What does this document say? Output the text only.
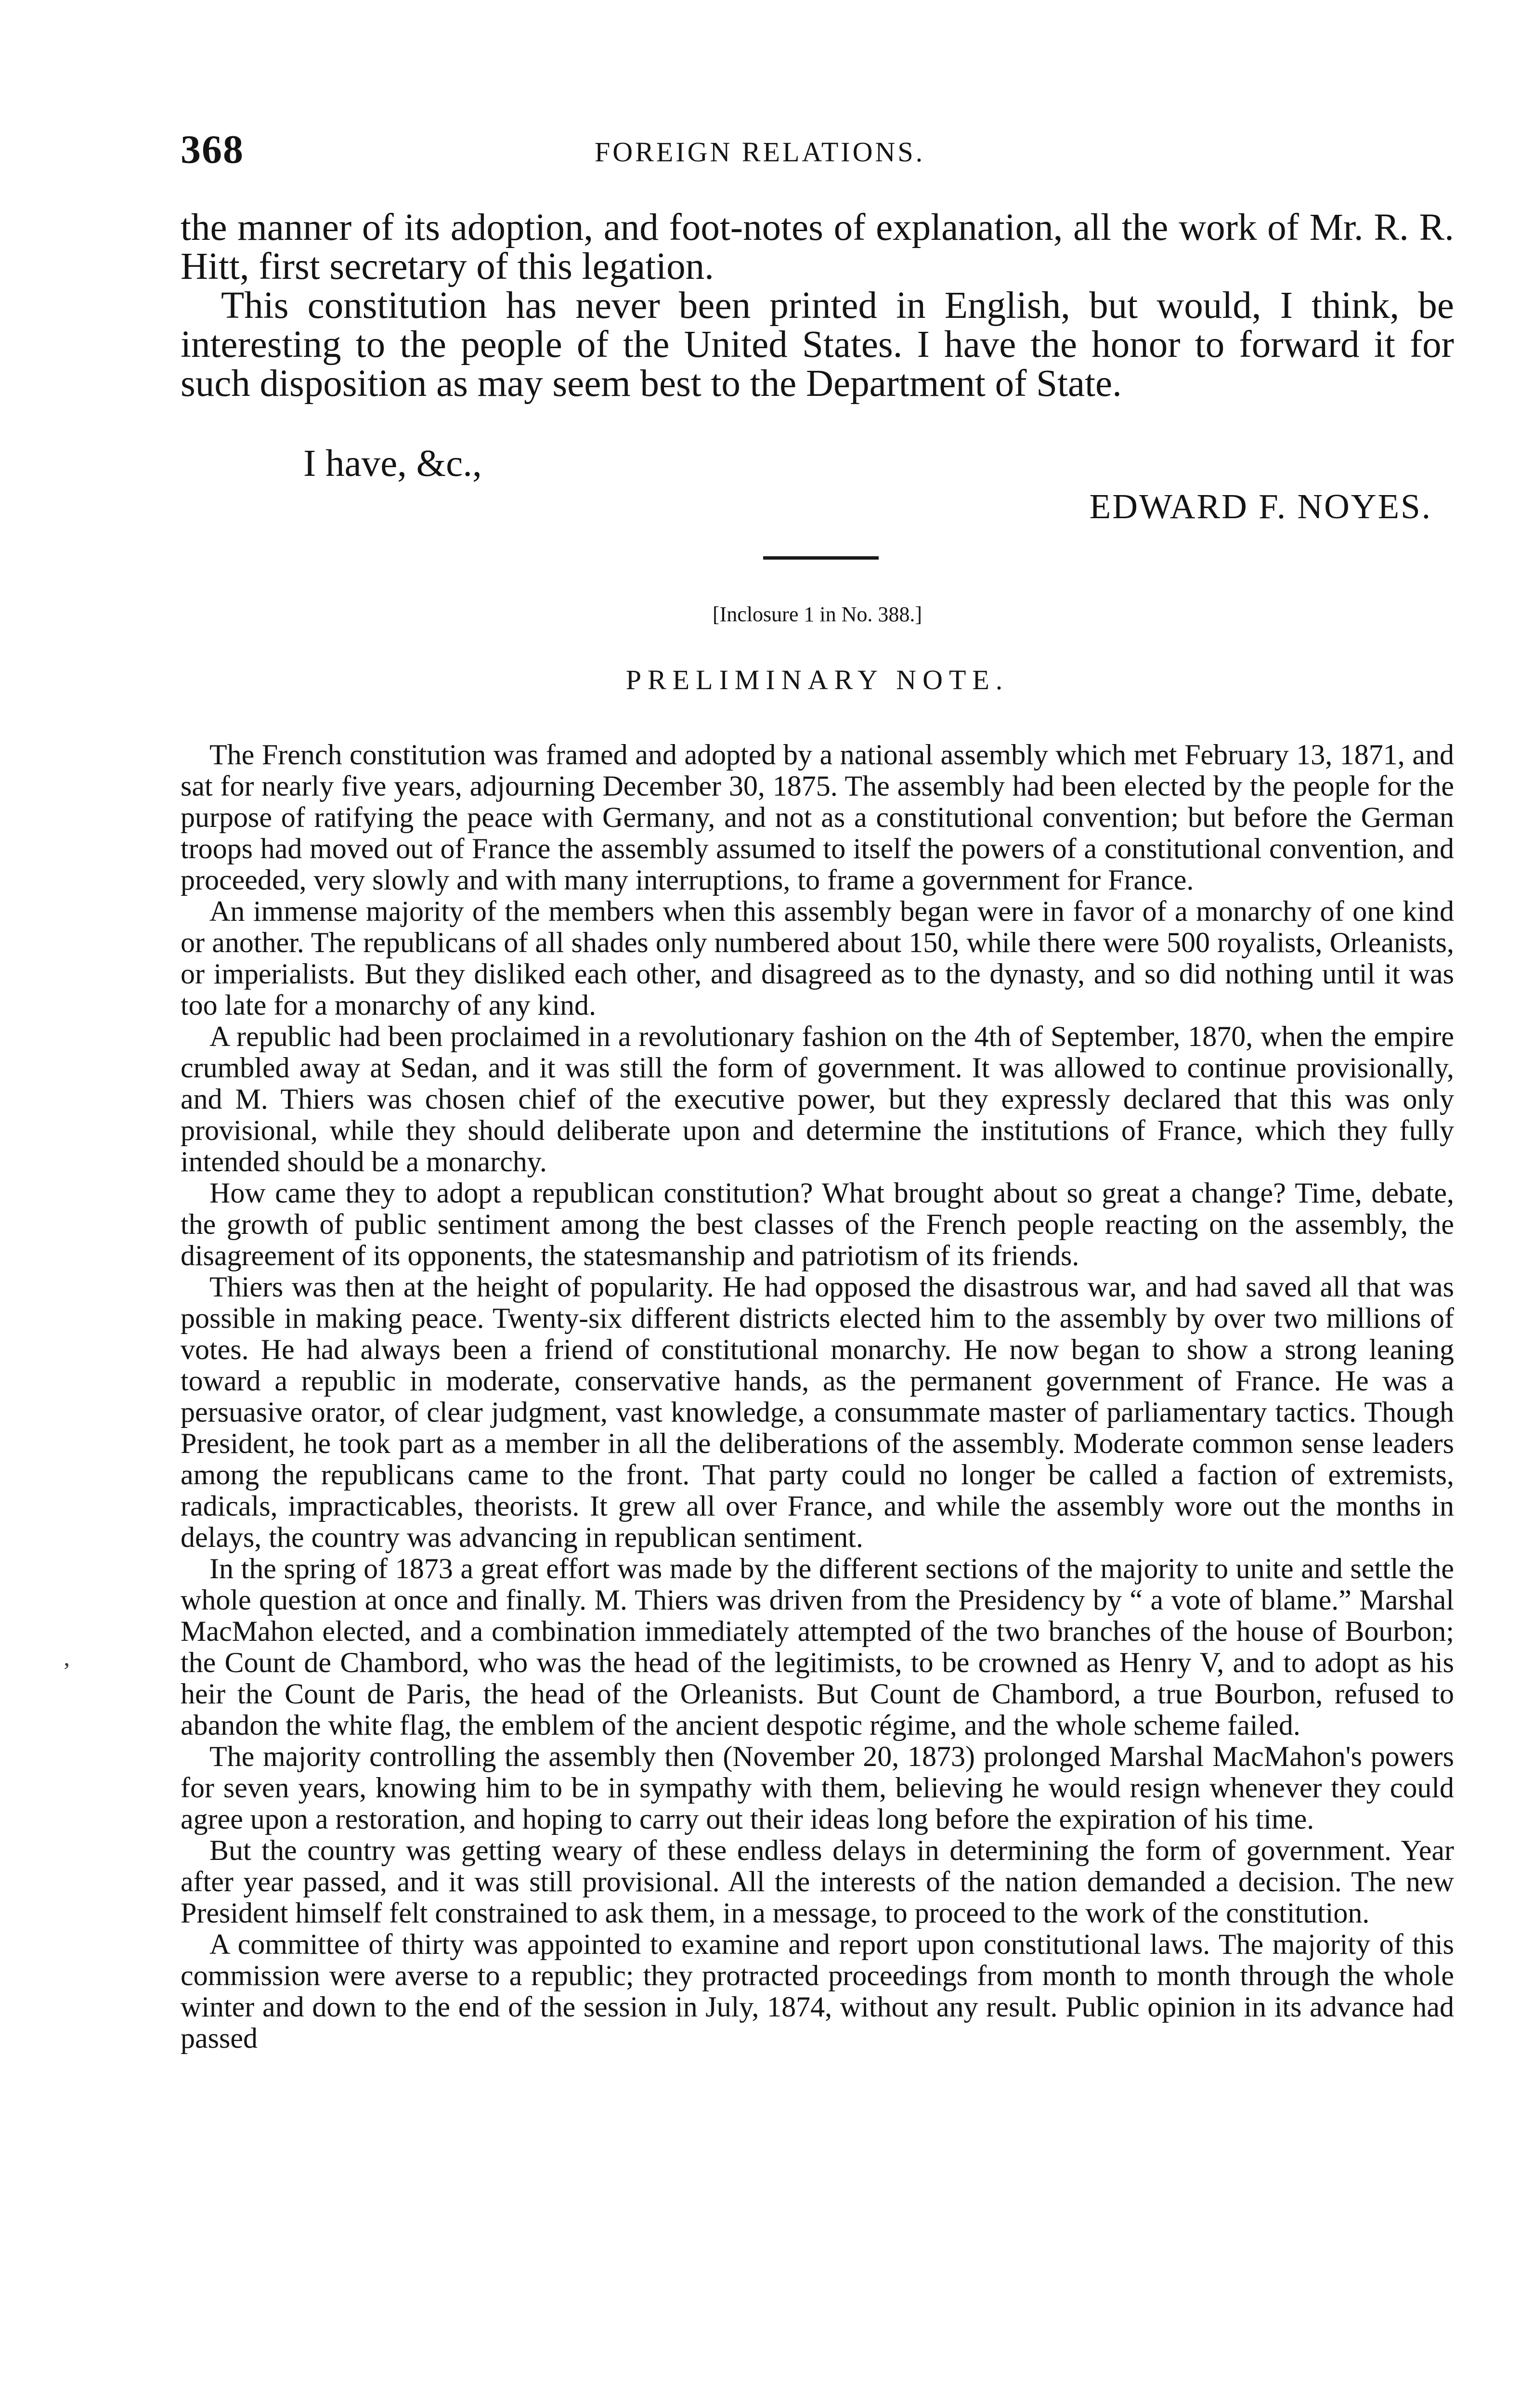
368	FOREIGN RELATIONS.

the manner of its adoption, and foot-notes of explanation, all the work of Mr. R. R. Hitt, first secretary of this legation.

This constitution has never been printed in English, but would, I think, be interesting to the people of the United States. I have the honor to forward it for such disposition as may seem best to the Department of State.

I have, &c.,
EDWARD F. NOYES.
[Inclosure 1 in No. 388.]
PRELIMINARY NOTE.

The French constitution was framed and adopted by a national assembly which met February 13, 1871, and sat for nearly five years, adjourning December 30, 1875. The assembly had been elected by the people for the purpose of ratifying the peace with Germany, and not as a constitutional convention; but before the German troops had moved out of France the assembly assumed to itself the powers of a constitutional convention, and proceeded, very slowly and with many interruptions, to frame a government for France.

An immense majority of the members when this assembly began were in favor of a monarchy of one kind or another. The republicans of all shades only numbered about 150, while there were 500 royalists, Orleanists, or imperialists. But they disliked each other, and disagreed as to the dynasty, and so did nothing until it was too late for a monarchy of any kind.

A republic had been proclaimed in a revolutionary fashion on the 4th of September, 1870, when the empire crumbled away at Sedan, and it was still the form of government. It was allowed to continue provisionally, and M. Thiers was chosen chief of the executive power, but they expressly declared that this was only provisional, while they should deliberate upon and determine the institutions of France, which they fully intended should be a monarchy.

How came they to adopt a republican constitution? What brought about so great a change? Time, debate, the growth of public sentiment among the best classes of the French people reacting on the assembly, the disagreement of its opponents, the statesmanship and patriotism of its friends.

Thiers was then at the height of popularity. He had opposed the disastrous war, and had saved all that was possible in making peace. Twenty-six different districts elected him to the assembly by over two millions of votes. He had always been a friend of constitutional monarchy. He now began to show a strong leaning toward a republic in moderate, conservative hands, as the permanent government of France. He was a persuasive orator, of clear judgment, vast knowledge, a consummate master of parliamentary tactics. Though President, he took part as a member in all the deliberations of the assembly. Moderate common sense leaders among the republicans came to the front. That party could no longer be called a faction of extremists, radicals, impracticables, theorists. It grew all over France, and while the assembly wore out the months in delays, the country was advancing in republican sentiment.

In the spring of 1873 a great effort was made by the different sections of the majority to unite and settle the whole question at once and finally. M. Thiers was driven from the Presidency by “ a vote of blame.” Marshal MacMahon elected, and a combination immediately attempted of the two branches of the house of Bourbon; the Count de Chambord, who was the head of the legitimists, to be crowned as Henry V, and to adopt as his heir the Count de Paris, the head of the Orleanists. But Count de Chambord, a true Bourbon, refused to abandon the white flag, the emblem of the ancient despotic régime, and the whole scheme failed.

The majority controlling the assembly then (November 20, 1873) prolonged Marshal MacMahon's powers for seven years, knowing him to be in sympathy with them, believing he would resign whenever they could agree upon a restoration, and hoping to carry out their ideas long before the expiration of his time.

But the country was getting weary of these endless delays in determining the form of government. Year after year passed, and it was still provisional. All the interests of the nation demanded a decision. The new President himself felt constrained to ask them, in a message, to proceed to the work of the constitution.

A committee of thirty was appointed to examine and report upon constitutional laws. The majority of this commission were averse to a republic; they protracted proceedings from month to month through the whole winter and down to the end of the session in July, 1874, without any result. Public opinion in its advance had passed

’
